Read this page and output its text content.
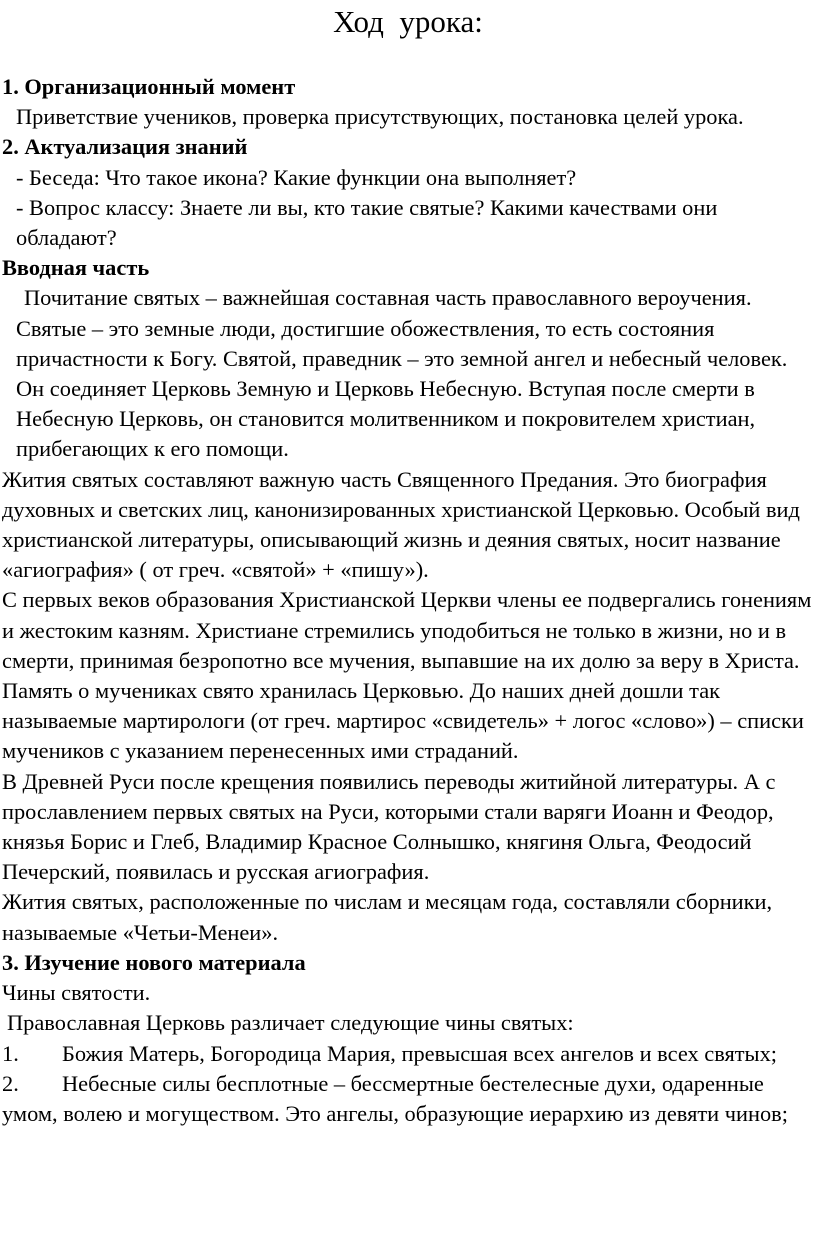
Ход  урока:

1. Организационный момент

Приветствие учеников, проверка присутствующих, постановка целей урока.

2. Актуализация знаний

- Беседа: Что такое икона? Какие функции она выполняет?

- Вопрос классу: Знаете ли вы, кто такие святые? Какими качествами они обладают?

Вводная часть

Почитание святых – важнейшая составная часть православного вероучения.

Святые – это земные люди, достигшие обожествления, то есть состояния причастности к Богу. Святой, праведник – это земной ангел и небесный человек. Он соединяет Церковь Земную и Церковь Небесную. Вступая после смерти в Небесную Церковь, он становится молитвенником и покровителем христиан, прибегающих к его помощи.

Жития святых составляют важную часть Священного Предания. Это биография духовных и светских лиц, канонизированных христианской Церковью. Особый вид христианской литературы, описывающий жизнь и деяния святых, носит название «агиография» ( от греч. «святой» + «пишу»).

С первых веков образования Христианской Церкви члены ее подвергались гонениям и жестоким казням. Христиане стремились уподобиться не только в жизни, но и в смерти, принимая безропотно все мучения, выпавшие на их долю за веру в Христа.

Память о мучениках свято хранилась Церковью. До наших дней дошли так называемые мартирологи (от греч. мартирос «свидетель» + логос «слово») – списки мучеников с указанием перенесенных ими страданий.

В Древней Руси после крещения появились переводы житийной литературы. А с прославлением первых святых на Руси, которыми стали варяги Иоанн и Феодор, князья Борис и Глеб, Владимир Красное Солнышко, княгиня Ольга, Феодосий Печерский, появилась и русская агиография.

Жития святых, расположенные по числам и месяцам года, составляли сборники, называемые «Четьи-Менеи».

3. Изучение нового материала

Чины святости.

Православная Церковь различает следующие чины святых:

1. Божия Матерь, Богородица Мария, превысшая всех ангелов и всех святых;

2. Небесные силы бесплотные – бессмертные бестелесные духи, одаренные умом, волею и могуществом. Это ангелы, образующие иерархию из девяти чинов;
